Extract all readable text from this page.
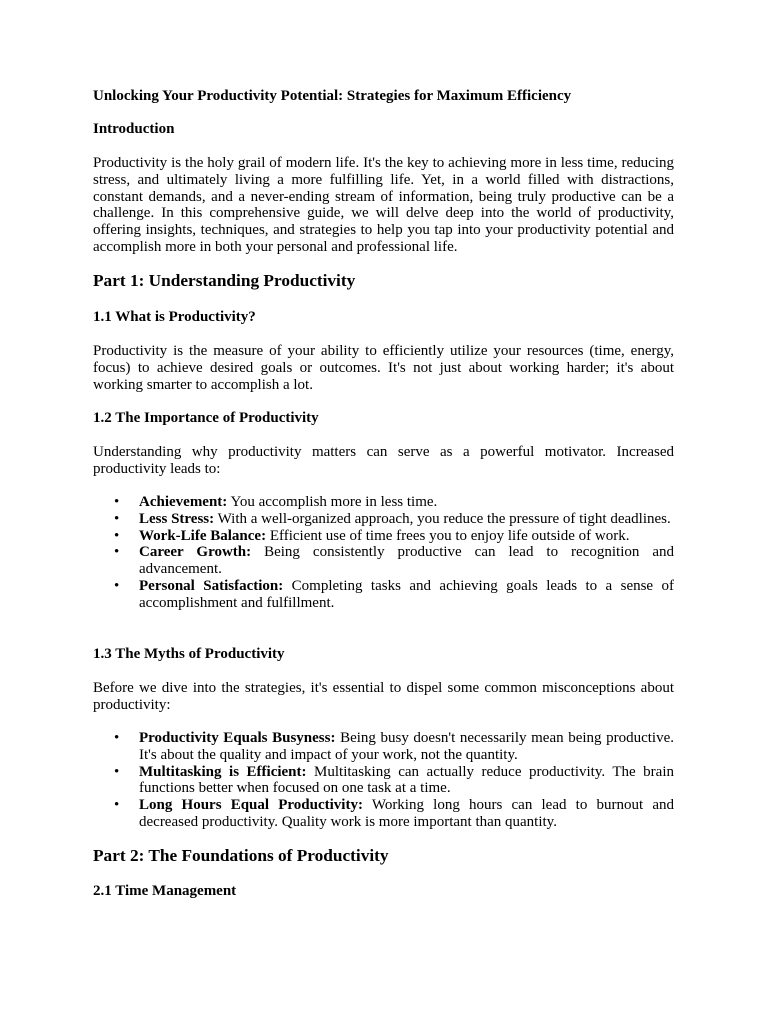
Unlocking Your Productivity Potential: Strategies for Maximum Efficiency
Introduction

Productivity is the holy grail of modern life. It's the key to achieving more in less time, reducing stress, and ultimately living a more fulfilling life. Yet, in a world filled with distractions, constant demands, and a never-ending stream of information, being truly productive can be a challenge. In this comprehensive guide, we will delve deep into the world of productivity, offering insights, techniques, and strategies to help you tap into your productivity potential and accomplish more in both your personal and professional life.

Part 1: Understanding Productivity
1.1 What is Productivity?

Productivity is the measure of your ability to efficiently utilize your resources (time, energy, focus) to achieve desired goals or outcomes. It's not just about working harder; it's about working smarter to accomplish a lot.

1.2 The Importance of Productivity

Understanding why productivity matters can serve as a powerful motivator. Increased productivity leads to:

• Achievement: You accomplish more in less time.
• Less Stress: With a well-organized approach, you reduce the pressure of tight deadlines.
• Work-Life Balance: Efficient use of time frees you to enjoy life outside of work.
• Career Growth: Being consistently productive can lead to recognition and advancement.
• Personal Satisfaction: Completing tasks and achieving goals leads to a sense of accomplishment and fulfillment.
1.3 The Myths of Productivity

Before we dive into the strategies, it's essential to dispel some common misconceptions about productivity:

• Productivity Equals Busyness: Being busy doesn't necessarily mean being productive. It's about the quality and impact of your work, not the quantity.
• Multitasking is Efficient: Multitasking can actually reduce productivity. The brain functions better when focused on one task at a time.
• Long Hours Equal Productivity: Working long hours can lead to burnout and decreased productivity. Quality work is more important than quantity.
Part 2: The Foundations of Productivity
2.1 Time Management
